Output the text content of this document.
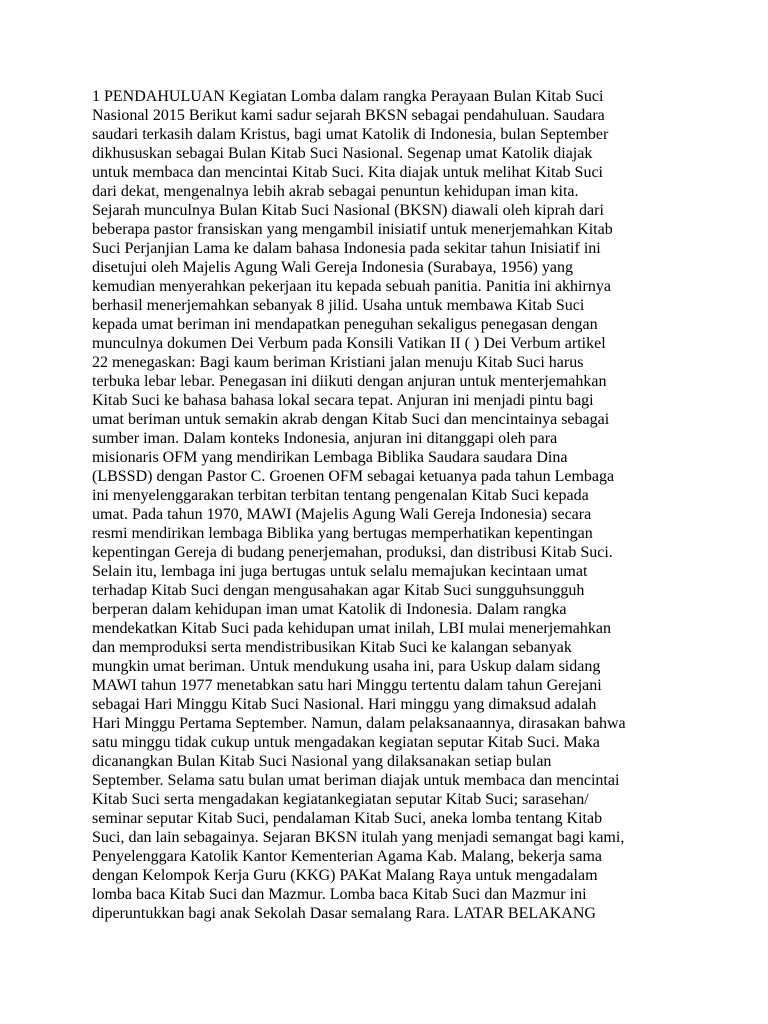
1 PENDAHULUAN Kegiatan Lomba dalam rangka Perayaan Bulan Kitab Suci
Nasional 2015 Berikut kami sadur sejarah BKSN sebagai pendahuluan. Saudara
saudari terkasih dalam Kristus, bagi umat Katolik di Indonesia, bulan September
dikhususkan sebagai Bulan Kitab Suci Nasional. Segenap umat Katolik diajak
untuk membaca dan mencintai Kitab Suci. Kita diajak untuk melihat Kitab Suci
dari dekat, mengenalnya lebih akrab sebagai penuntun kehidupan iman kita.
Sejarah munculnya Bulan Kitab Suci Nasional (BKSN) diawali oleh kiprah dari
beberapa pastor fransiskan yang mengambil inisiatif untuk menerjemahkan Kitab
Suci Perjanjian Lama ke dalam bahasa Indonesia pada sekitar tahun Inisiatif ini
disetujui oleh Majelis Agung Wali Gereja Indonesia (Surabaya, 1956) yang
kemudian menyerahkan pekerjaan itu kepada sebuah panitia. Panitia ini akhirnya
berhasil menerjemahkan sebanyak 8 jilid. Usaha untuk membawa Kitab Suci
kepada umat beriman ini mendapatkan peneguhan sekaligus penegasan dengan
munculnya dokumen Dei Verbum pada Konsili Vatikan II ( ) Dei Verbum artikel
22 menegaskan: Bagi kaum beriman Kristiani jalan menuju Kitab Suci harus
terbuka lebar lebar. Penegasan ini diikuti dengan anjuran untuk menterjemahkan
Kitab Suci ke bahasa bahasa lokal secara tepat. Anjuran ini menjadi pintu bagi
umat beriman untuk semakin akrab dengan Kitab Suci dan mencintainya sebagai
sumber iman. Dalam konteks Indonesia, anjuran ini ditanggapi oleh para
misionaris OFM yang mendirikan Lembaga Biblika Saudara saudara Dina
(LBSSD) dengan Pastor C. Groenen OFM sebagai ketuanya pada tahun Lembaga
ini menyelenggarakan terbitan terbitan tentang pengenalan Kitab Suci kepada
umat. Pada tahun 1970, MAWI (Majelis Agung Wali Gereja Indonesia) secara
resmi mendirikan lembaga Biblika yang bertugas memperhatikan kepentingan
kepentingan Gereja di budang penerjemahan, produksi, dan distribusi Kitab Suci.
Selain itu, lembaga ini juga bertugas untuk selalu memajukan kecintaan umat
terhadap Kitab Suci dengan mengusahakan agar Kitab Suci sungguhsungguh
berperan dalam kehidupan iman umat Katolik di Indonesia. Dalam rangka
mendekatkan Kitab Suci pada kehidupan umat inilah, LBI mulai menerjemahkan
dan memproduksi serta mendistribusikan Kitab Suci ke kalangan sebanyak
mungkin umat beriman. Untuk mendukung usaha ini, para Uskup dalam sidang
MAWI tahun 1977 menetabkan satu hari Minggu tertentu dalam tahun Gerejani
sebagai Hari Minggu Kitab Suci Nasional. Hari minggu yang dimaksud adalah
Hari Minggu Pertama September. Namun, dalam pelaksanaannya, dirasakan bahwa
satu minggu tidak cukup untuk mengadakan kegiatan seputar Kitab Suci. Maka
dicanangkan Bulan Kitab Suci Nasional yang dilaksanakan setiap bulan
September. Selama satu bulan umat beriman diajak untuk membaca dan mencintai
Kitab Suci serta mengadakan kegiatankegiatan seputar Kitab Suci; sarasehan/
seminar seputar Kitab Suci, pendalaman Kitab Suci, aneka lomba tentang Kitab
Suci, dan lain sebagainya. Sejaran BKSN itulah yang menjadi semangat bagi kami,
Penyelenggara Katolik Kantor Kementerian Agama Kab. Malang, bekerja sama
dengan Kelompok Kerja Guru (KKG) PAKat Malang Raya untuk mengadalam
lomba baca Kitab Suci dan Mazmur. Lomba baca Kitab Suci dan Mazmur ini
diperuntukkan bagi anak Sekolah Dasar semalang Rara. LATAR BELAKANG
